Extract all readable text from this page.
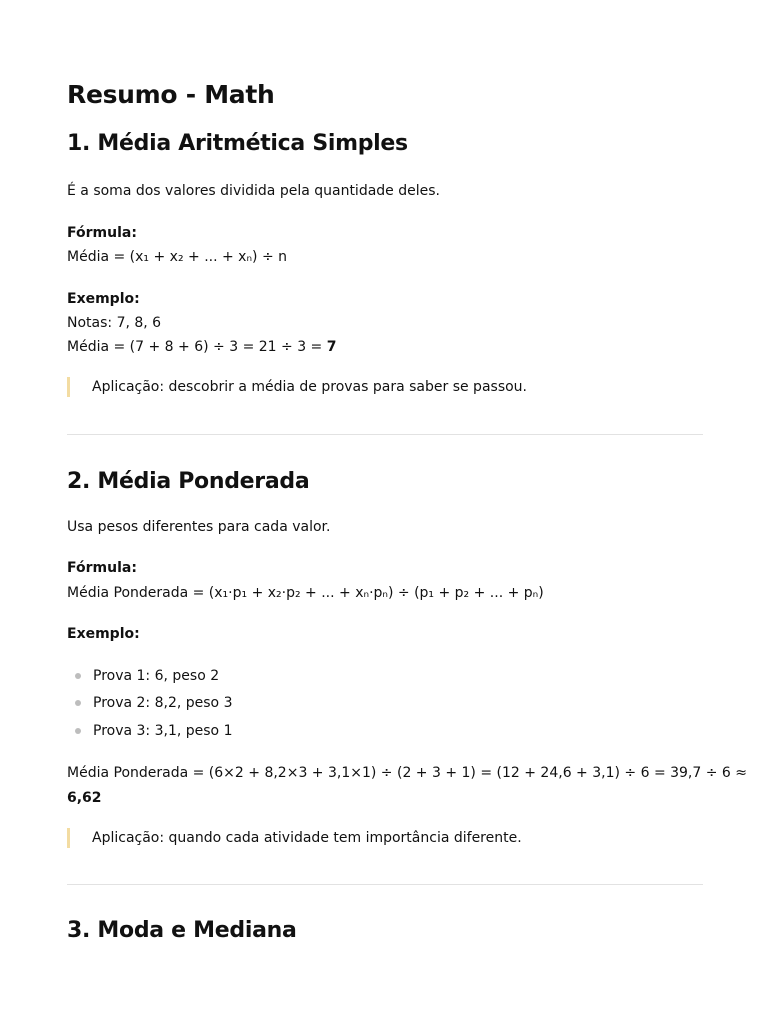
Resumo - Math
1. Média Aritmética Simples
É a soma dos valores dividida pela quantidade deles.
Fórmula:
Média = (x₁ + x₂ + ... + xₙ) ÷ n
Exemplo:
Notas: 7, 8, 6
Média = (7 + 8 + 6) ÷ 3 = 21 ÷ 3 = 7
Aplicação: descobrir a média de provas para saber se passou.
2. Média Ponderada
Usa pesos diferentes para cada valor.
Fórmula:
Média Ponderada = (x₁·p₁ + x₂·p₂ + ... + xₙ·pₙ) ÷ (p₁ + p₂ + ... + pₙ)
Exemplo:
Prova 1: 6, peso 2
Prova 2: 8,2, peso 3
Prova 3: 3,1, peso 1
Média Ponderada = (6×2 + 8,2×3 + 3,1×1) ÷ (2 + 3 + 1) = (12 + 24,6 + 3,1) ÷ 6 = 39,7 ÷ 6 ≈
6,62
Aplicação: quando cada atividade tem importância diferente.
3. Moda e Mediana
